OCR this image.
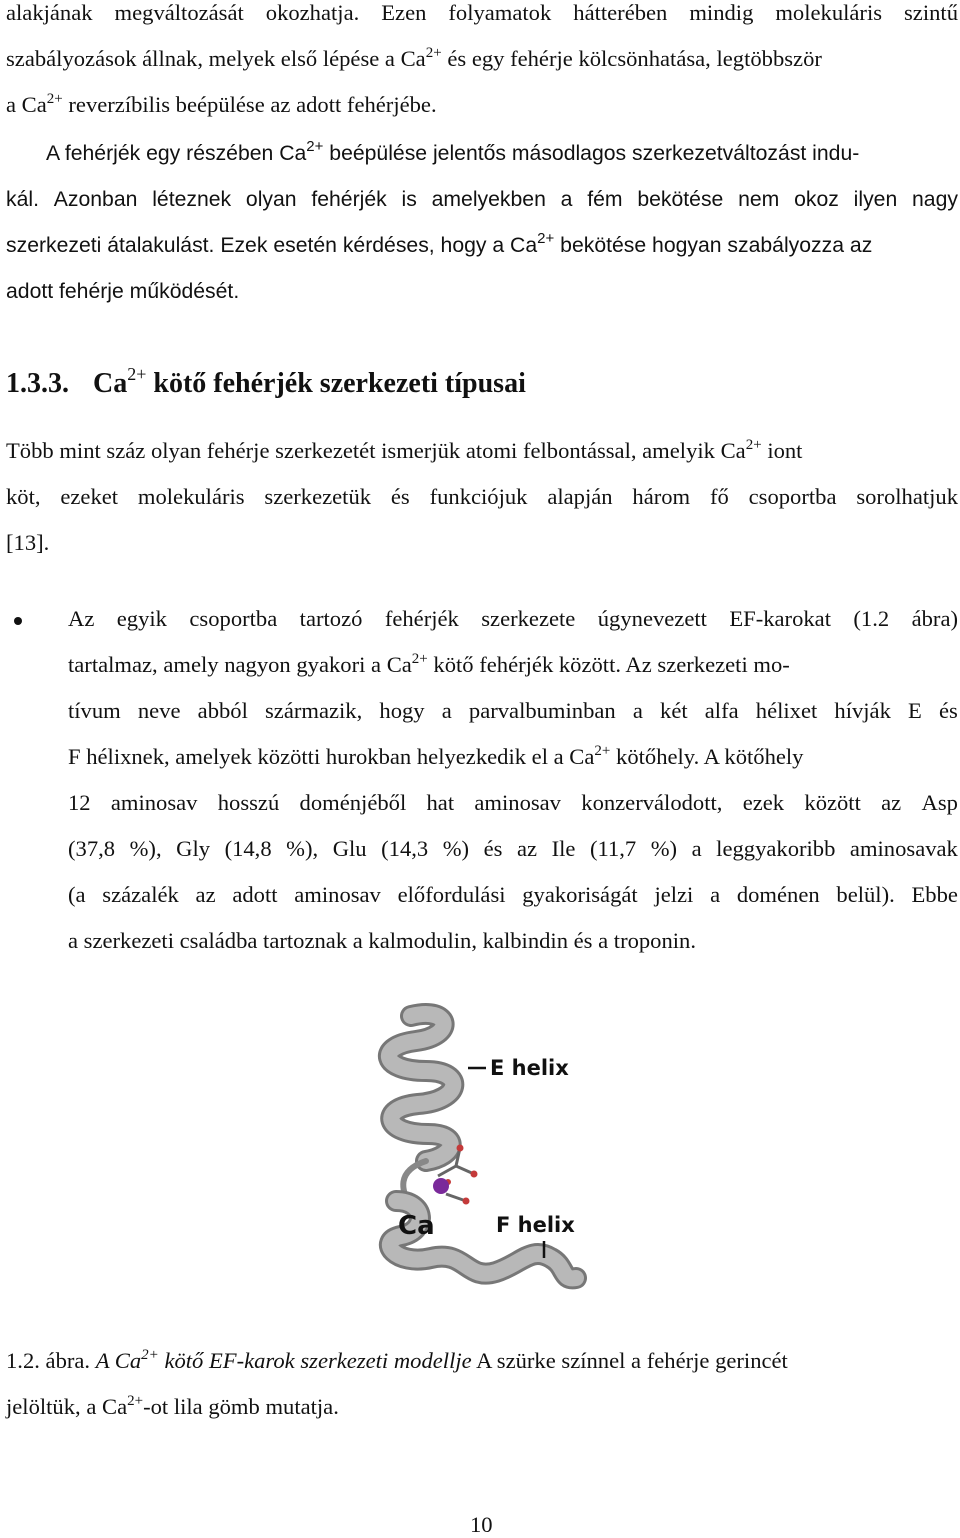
alakjának megváltozását okozhatja. Ezen folyamatok hátterében mindig molekuláris szintű
szabályozások állnak, melyek első lépése a $Ca^{2+}$ és egy fehérje kölcsönhatása, legtöbbször
a $Ca^{2+}$ reverzíbilis beépülése az adott fehérjébe.
A fehérjék egy részében $Ca^{2+}$ beépülése jelentős másodlagos szerkezetváltozást indu-
kál. Azonban léteznek olyan fehérjék is amelyekben a fém bekötése nem okoz ilyen nagy
szerkezeti átalakulást. Ezek esetén kérdéses, hogy a $Ca^{2+}$ bekötése hogyan szabályozza az
adott fehérje működését.
1.3.3. $Ca^{2+}$ kötő fehérjék szerkezeti típusai
Több mint száz olyan fehérje szerkezetét ismerjük atomi felbontással, amelyik $Ca^{2+}$ iont
köt, ezeket molekuláris szerkezetük és funkciójuk alapján három fő csoportba sorolhatjuk
[13].
Az egyik csoportba tartozó fehérjék szerkezete úgynevezett EF-karokat (1.2 ábra)
tartalmaz, amely nagyon gyakori a $Ca^{2+}$ kötő fehérjék között. Az szerkezeti mo-
tívum neve abból származik, hogy a parvalbuminban a két alfa hélixet hívják E és
F hélixnek, amelyek közötti hurokban helyezkedik el a $Ca^{2+}$ kötőhely. A kötőhely
12 aminosav hosszú doménjéből hat aminosav konzerválodott, ezek között az Asp
(37,8 %), Gly (14,8 %), Glu (14,3 %) és az Ile (11,7 %) a leggyakoribb aminosavak
(a százalék az adott aminosav előfordulási gyakoriságát jelzi a doménen belül). Ebbe
a szerkezeti családba tartoznak a kalmodulin, kalbindin és a troponin.
E helix
Ca	F helix
1.2. ábra. A $Ca^{2+}$ kötő EF-karok szerkezeti modellje A szürke színnel a fehérje gerincét
jelöltük, a $Ca^{2+}-ot$ lila gömb mutatja.
10
